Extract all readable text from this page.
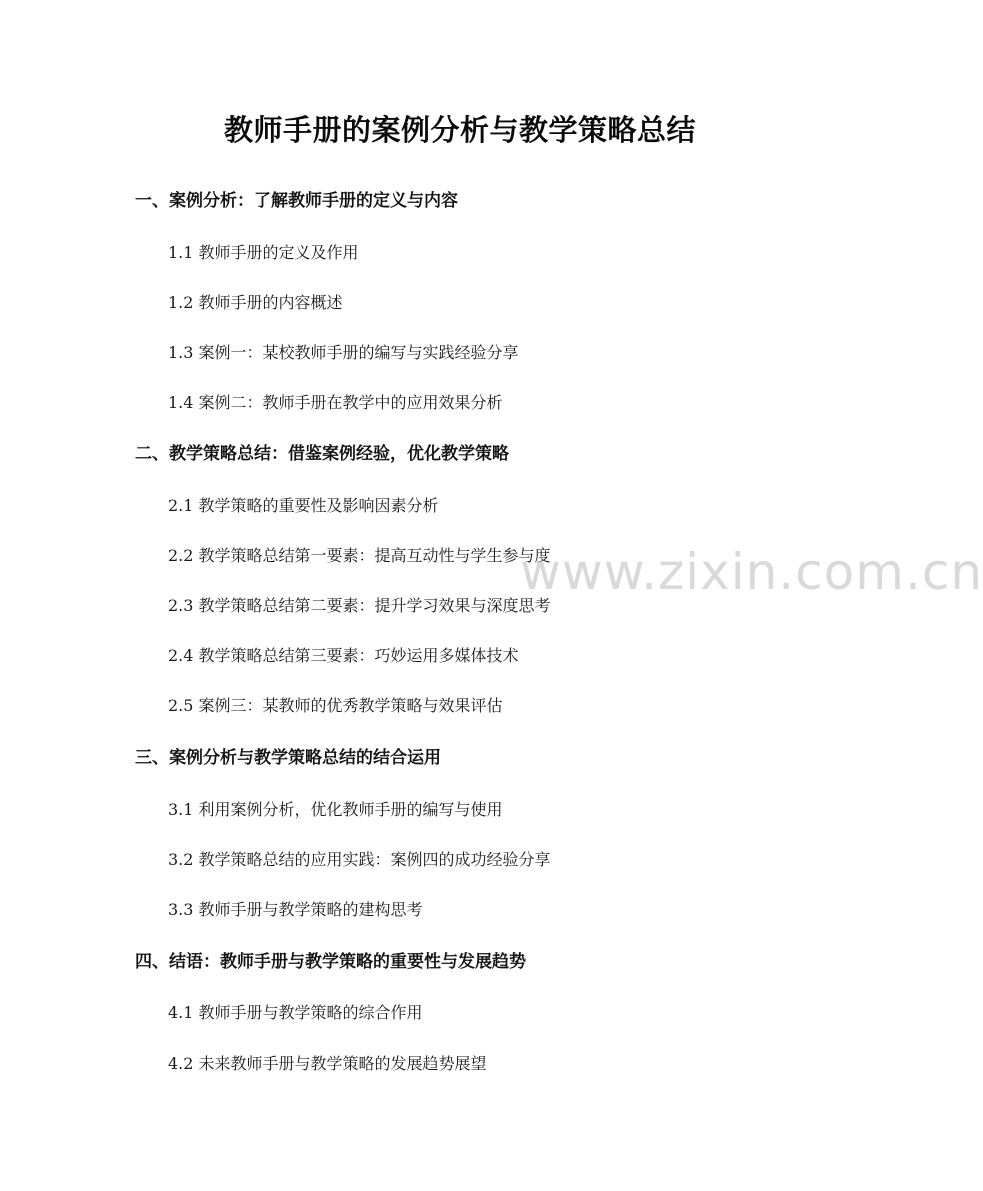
教师手册的案例分析与教学策略总结
一、案例分析：了解教师手册的定义与内容
1.1 教师手册的定义及作用
1.2 教师手册的内容概述
1.3 案例一：某校教师手册的编写与实践经验分享
1.4 案例二：教师手册在教学中的应用效果分析
二、教学策略总结：借鉴案例经验，优化教学策略
2.1 教学策略的重要性及影响因素分析
2.2 教学策略总结第一要素：提高互动性与学生参与度
2.3 教学策略总结第二要素：提升学习效果与深度思考
2.4 教学策略总结第三要素：巧妙运用多媒体技术
2.5 案例三：某教师的优秀教学策略与效果评估
三、案例分析与教学策略总结的结合运用
3.1 利用案例分析，优化教师手册的编写与使用
3.2 教学策略总结的应用实践：案例四的成功经验分享
3.3 教师手册与教学策略的建构思考
四、结语：教师手册与教学策略的重要性与发展趋势
4.1 教师手册与教学策略的综合作用
4.2 未来教师手册与教学策略的发展趋势展望
www.zixin.com.cn
